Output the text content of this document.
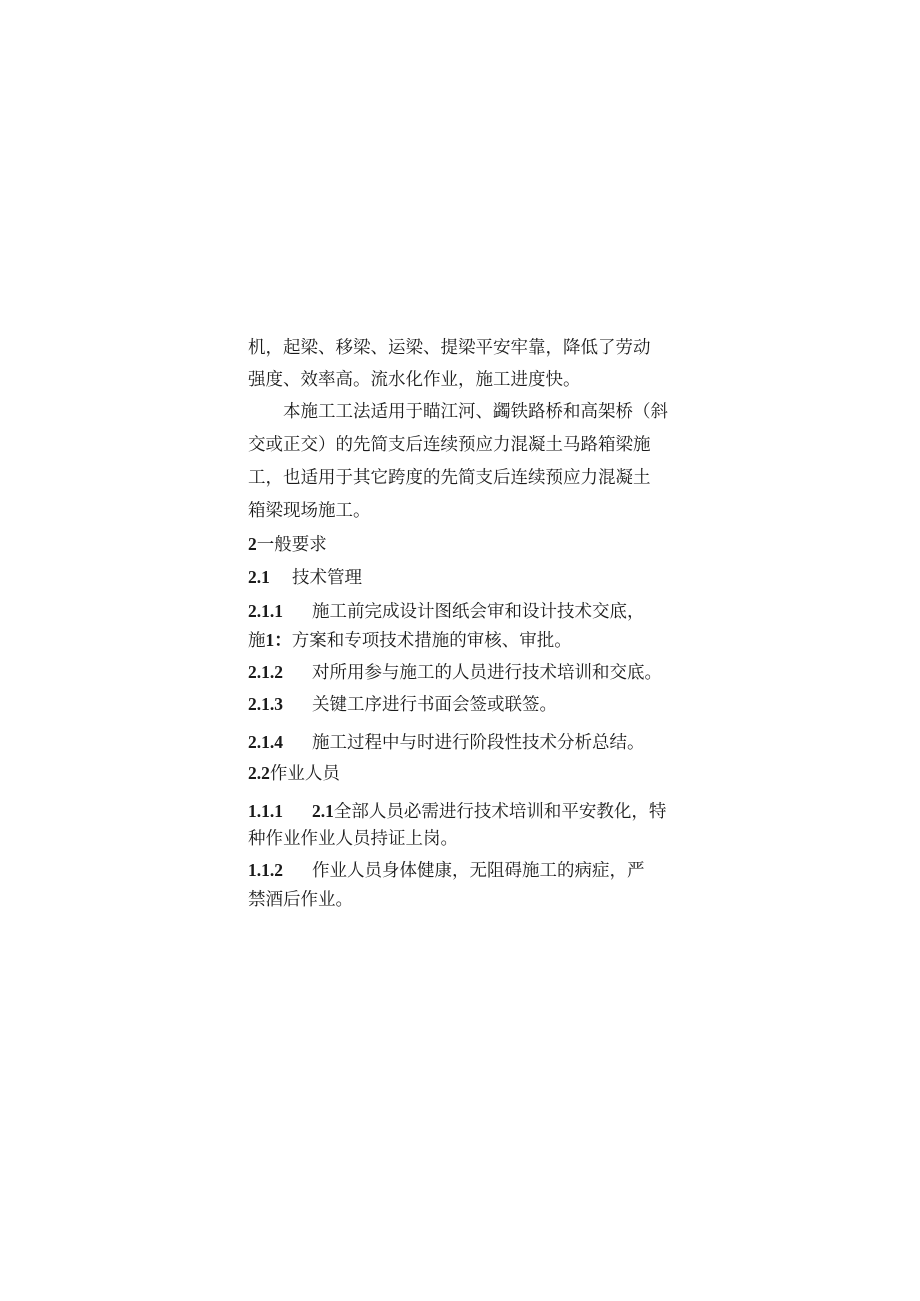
机，起梁、移梁、运梁、提梁平安牢靠，降低了劳动
强度、效率高。流水化作业，施工进度快。
本施工工法适用于瞄江河、蠲铁路桥和高架桥（斜
交或正交）的先简支后连续预应力混凝土马路箱梁施
工，也适用于其它跨度的先简支后连续预应力混凝土
箱梁现场施工。
2一般要求
2.1 技术管理
2.1.1 施工前完成设计图纸会审和设计技术交底，
施1：方案和专项技术措施的审核、审批。
2.1.2 对所用参与施工的人员进行技术培训和交底。
2.1.3 关键工序进行书面会签或联签。
2.1.4 施工过程中与时进行阶段性技术分析总结。
2.2作业人员
1.1.1 2.1全部人员必需进行技术培训和平安教化，特
种作业作业人员持证上岗。
1.1.2 作业人员身体健康，无阻碍施工的病症，严
禁酒后作业。
